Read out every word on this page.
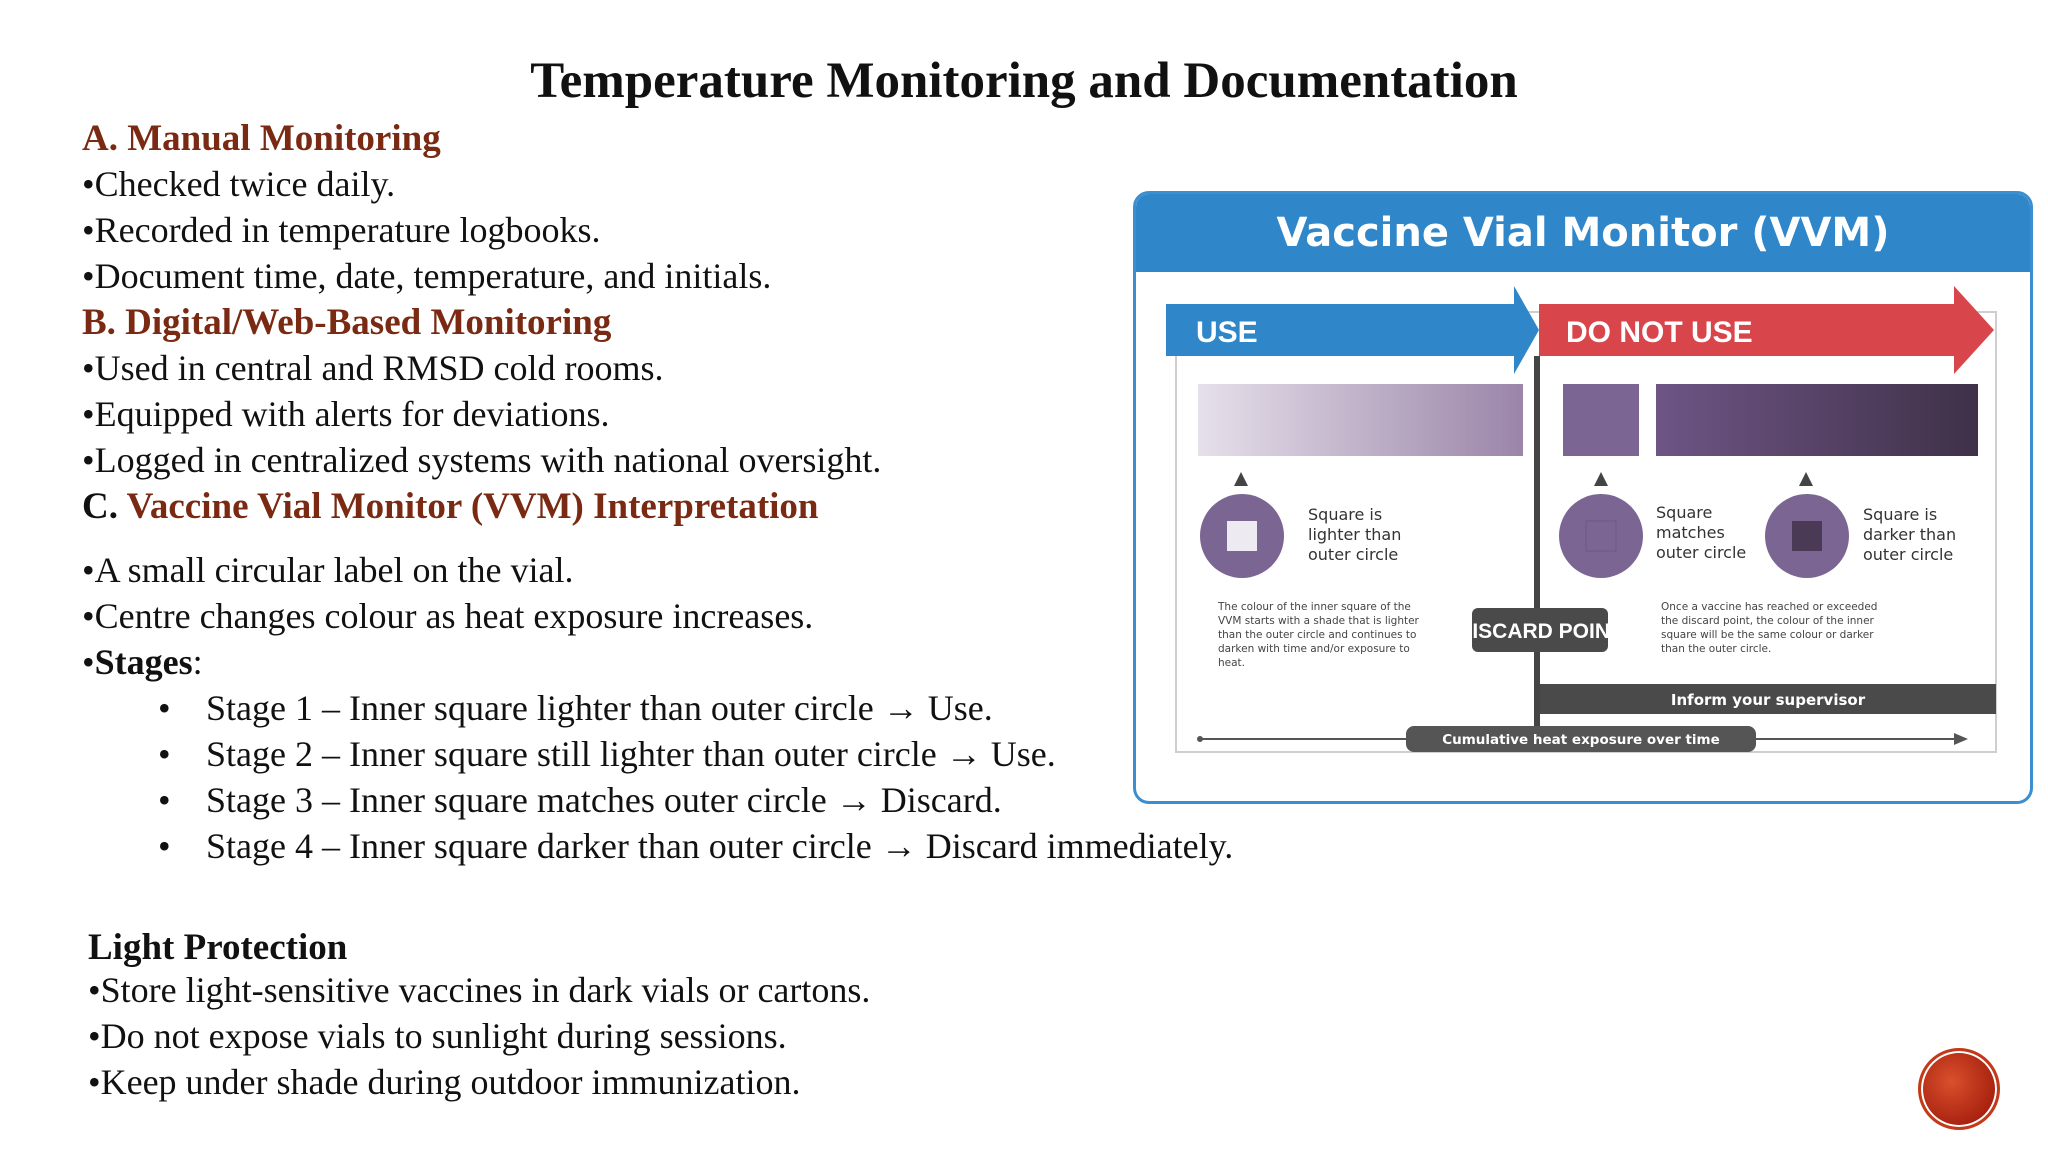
Temperature Monitoring and Documentation
A. Manual Monitoring
•Checked twice daily.
•Recorded in temperature logbooks.
•Document time, date, temperature, and initials.
B. Digital/Web-Based Monitoring
•Used in central and RMSD cold rooms.
•Equipped with alerts for deviations.
•Logged in centralized systems with national oversight.
C. Vaccine Vial Monitor (VVM) Interpretation
•A small circular label on the vial.
•Centre changes colour as heat exposure increases.
•Stages:
• Stage 1 – Inner square lighter than outer circle → Use.
• Stage 2 – Inner square still lighter than outer circle → Use.
• Stage 3 – Inner square matches outer circle → Discard.
• Stage 4 – Inner square darker than outer circle → Discard immediately.
Light Protection
•Store light-sensitive vaccines in dark vials or cartons.
•Do not expose vials to sunlight during sessions.
•Keep under shade during outdoor immunization.
Vaccine Vial Monitor (VVM)
USE	DO NOT USE
Square is
lighter than
outer circle
Square
matches
outer circle
Square is
darker than
outer circle
The colour of the inner square of the
VVM starts with a shade that is lighter
than the outer circle and continues to
darken with time and/or exposure to
heat.
Once a vaccine has reached or exceeded
the discard point, the colour of the inner
square will be the same colour or darker
than the outer circle.
DISCARD POINT
Inform your supervisor
Cumulative heat exposure over time
